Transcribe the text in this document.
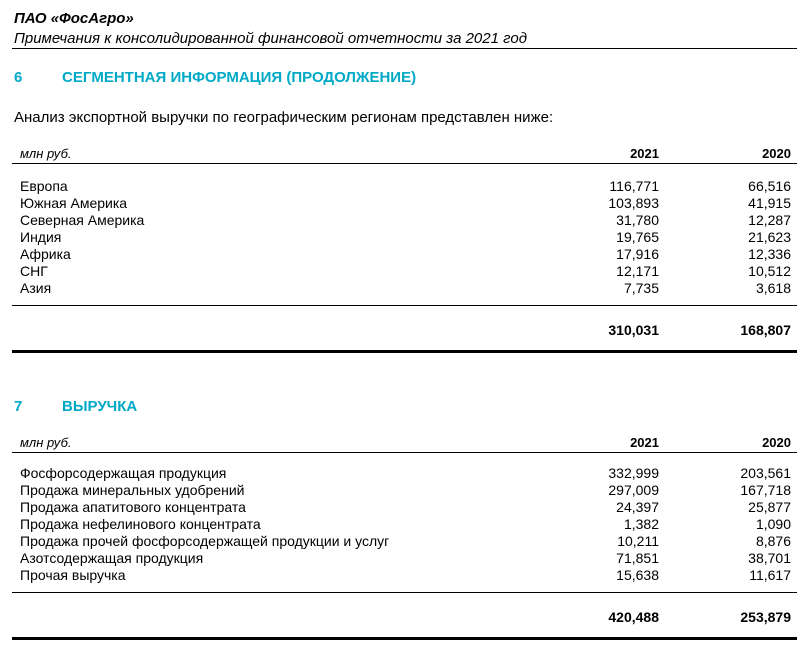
ПАО «ФосАгро»
Примечания к консолидированной финансовой отчетности за 2021 год
6	СЕГМЕНТНАЯ ИНФОРМАЦИЯ (ПРОДОЛЖЕНИЕ)
Анализ экспортной выручки по географическим регионам представлен ниже:
млн руб.	2021	2020
Европа	116,771	66,516
Южная Америка	103,893	41,915
Северная Америка	31,780	12,287
Индия	19,765	21,623
Африка	17,916	12,336
СНГ	12,171	10,512
Азия	7,735	3,618
310,031	168,807
7	ВЫРУЧКА
млн руб.	2021	2020
Фосфорсодержащая продукция	332,999	203,561
Продажа минеральных удобрений	297,009	167,718
Продажа апатитового концентрата	24,397	25,877
Продажа нефелинового концентрата	1,382	1,090
Продажа прочей фосфорсодержащей продукции и услуг	10,211	8,876
Азотсодержащая продукция	71,851	38,701
Прочая выручка	15,638	11,617
420,488	253,879
